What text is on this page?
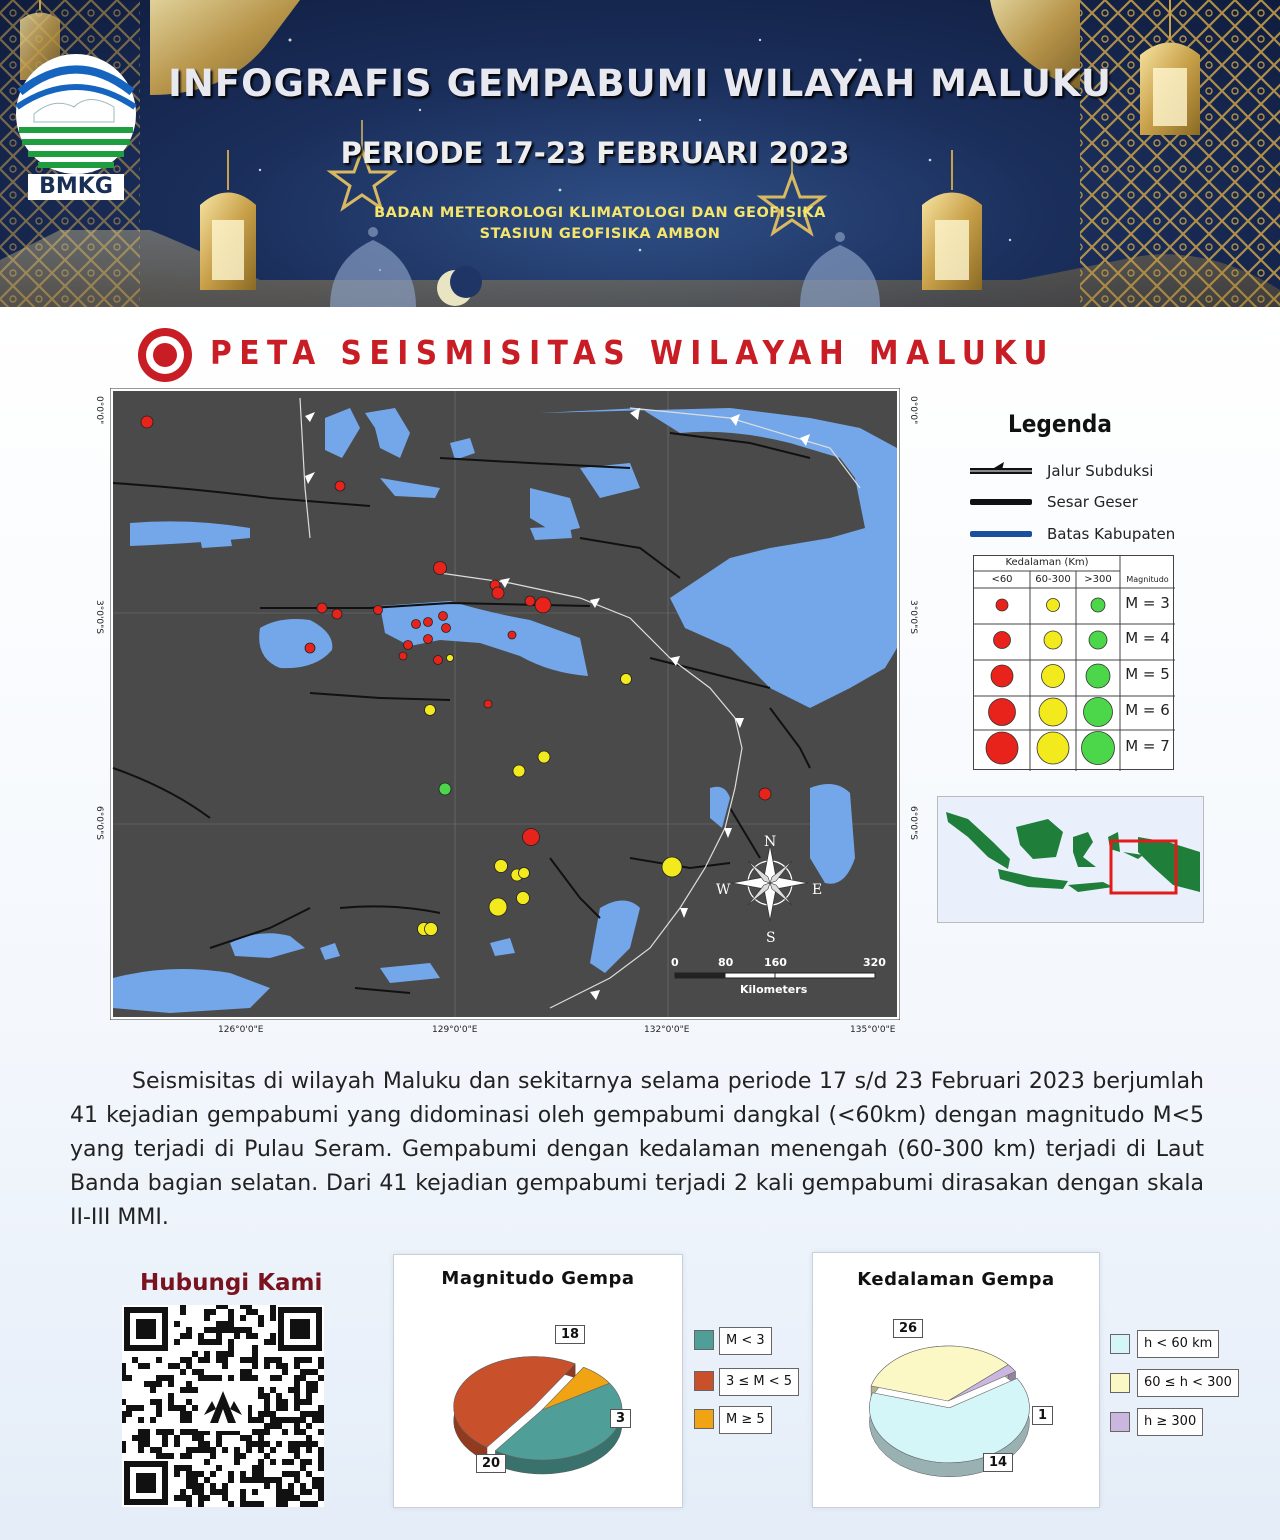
BMKG
INFOGRAFIS GEMPABUMI WILAYAH MALUKU
PERIODE 17-23 FEBRUARI 2023
BADAN METEOROLOGI KLIMATOLOGI DAN GEOFISIKA
STASIUN GEOFISIKA AMBON
PETA SEISMISITAS WILAYAH MALUKU
N
S
W	E
0	80	160	320
Kilometers
126°0'0"E	129°0'0"E	132°0'0"E	135°0'0"E
0°0'0"
3°0'0"S
6°0'0"S
0°0'0"
3°0'0"S
6°0'0"S
Legenda
Jalur Subduksi
Sesar Geser
Batas Kabupaten
Kedalaman (Km)
<60	60-300	>300	Magnitudo
M = 3
M = 4
M = 5
M = 6
M = 7
Seismisitas di wilayah Maluku dan sekitarnya selama periode 17 s/d 23 Februari 2023 berjumlah 41 kejadian gempabumi yang didominasi oleh gempabumi dangkal (<60km) dengan magnitudo M<5 yang terjadi di Pulau Seram. Gempabumi dengan kedalaman menengah (60-300 km) terjadi di Laut Banda bagian selatan. Dari 41 kejadian gempabumi terjadi 2 kali gempabumi dirasakan dengan skala II-III MMI.
Hubungi Kami	Magnitudo Gempa
18
20
3
M < 3
3 ≤ M < 5
M ≥ 5
Kedalaman Gempa
26
14
1
h < 60 km
60 ≤ h < 300
h ≥ 300
